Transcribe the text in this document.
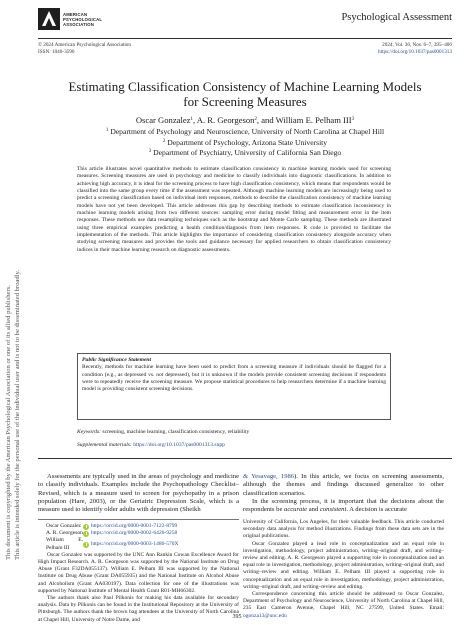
This document is copyrighted by the American Psychological Association or one of its allied publishers. This article is intended solely for the personal use of the individual user and is not to be disseminated broadly.
AMERICAN PSYCHOLOGICAL ASSOCIATION
Psychological Assessment
© 2024 American Psychological Association
ISSN: 1040-3590
2024, Vol. 36, Nos. 6–7, 395–406
https://doi.org/10.1037/pas0001313
Estimating Classification Consistency of Machine Learning Models
for Screening Measures
Oscar Gonzalez$^1$, A. R. Georgeson$^2$, and William E. Pelham III$^3$
$^1$ Department of Psychology and Neuroscience, University of North Carolina at Chapel Hill
$^2$ Department of Psychology, Arizona State University
$^3$ Department of Psychiatry, University of California San Diego
This article illustrates novel quantitative methods to estimate classification consistency in machine learning models used for screening measures. Screening measures are used in psychology and medicine to classify individuals into diagnostic classifications. In addition to achieving high accuracy, it is ideal for the screening process to have high classification consistency, which means that respondents would be classified into the same group every time if the assessment was repeated. Although machine learning models are increasingly being used to predict a screening classification based on individual item responses, methods to describe the classification consistency of machine learning models have not yet been developed. This article addresses this gap by describing methods to estimate classification inconsistency in machine learning models arising from two different sources: sampling error during model fitting and measurement error in the item responses. These methods use data resampling techniques such as the bootstrap and Monte Carlo sampling. These methods are illustrated using three empirical examples predicting a health condition/diagnosis from item responses. R code is provided to facilitate the implementation of the methods. This article highlights the importance of considering classification consistency alongside accuracy when studying screening measures and provides the tools and guidance necessary for applied researchers to obtain classification consistency indices in their machine learning research on diagnostic assessments.
Public Significance Statement
Recently, methods for machine learning have been used to predict from a screening measure if individuals should be flagged for a condition (e.g., as depressed vs. not depressed), but it is unknown if the models provide consistent screening decisions if respondents were to repeatedly receive the screening measure. We propose statistical procedures to help researchers determine if a machine learning model is providing consistent screening decisions.
Keywords: screening, machine learning, classification consistency, reliability
Supplemental materials: https://doi.org/10.1037/pas0001313.supp

Assessments are typically used in the areas of psychology and medicine to classify individuals. Examples include the Psychopathology Checklist–Revised, which is a measure used to screen for psychopathy in a prison population (Hare, 2003), or the Geriatric Depression Scale, which is a measure used to identify older adults with depression (Sheikh

& Yesavage, 1986). In this article, we focus on screening assessments, although the themes and findings discussed generalize to other classification scenarios.

In the screening process, it is important that the decisions about the respondents be accurate and consistent. A decision is accurate

Oscar Gonzalez	https://orcid.org/0000-0001-7122-8799
A. R. Georgeson https://orcid.org/0000-0002-6426-9258
William E. Pelham III
https://orcid.org/0000-0003-1480-570X

Oscar Gonzalez was supported by the UNC Ann Rankin Cowan Excellence Award for High Impact Research. A. R. Georgeson was supported by the National Institute on Drug Abuse (Grant F32DA055137). William E. Pelham III was supported by the National Institute on Drug Abuse (Grant DA055935) and the National Institute on Alcohol Abuse and Alcoholism (Grant AA030197). Data collection for one of the illustrations was supported by National Institute of Mental Health Grant R01-MH66302.

The authors thank also Paul Pilkonis for making his data available for secondary analysis. Data by Pilkonis can be found in the Institutional Repository at the University of Pittsburgh. The authors thank the brown bag attendees at the University of North Carolina at Chapel Hill, University of Notre Dame, and

University of California, Los Angeles, for their valuable feedback. This article conducted secondary data analysis for method illustrations. Findings from these data sets are in the original publications.

Oscar Gonzalez played a lead role in conceptualization and an equal role in investigation, methodology, project administration, writing–original draft, and writing–review and editing. A. R. Georgeson played a supporting role in conceptualization and an equal role in investigation, methodology, project administration, writing–original draft, and writing–review and editing. William E. Pelham III played a supporting role in conceptualization and an equal role in investigation, methodology, project administration, writing–original draft, and writing–review and editing.

Correspondence concerning this article should be addressed to Oscar Gonzalez, Department of Psychology and Neuroscience, University of North Carolina at Chapel Hill, 235 East Cameron Avenue, Chapel Hill, NC 27599, United States. Email: ogonza13@unc.edu

395
